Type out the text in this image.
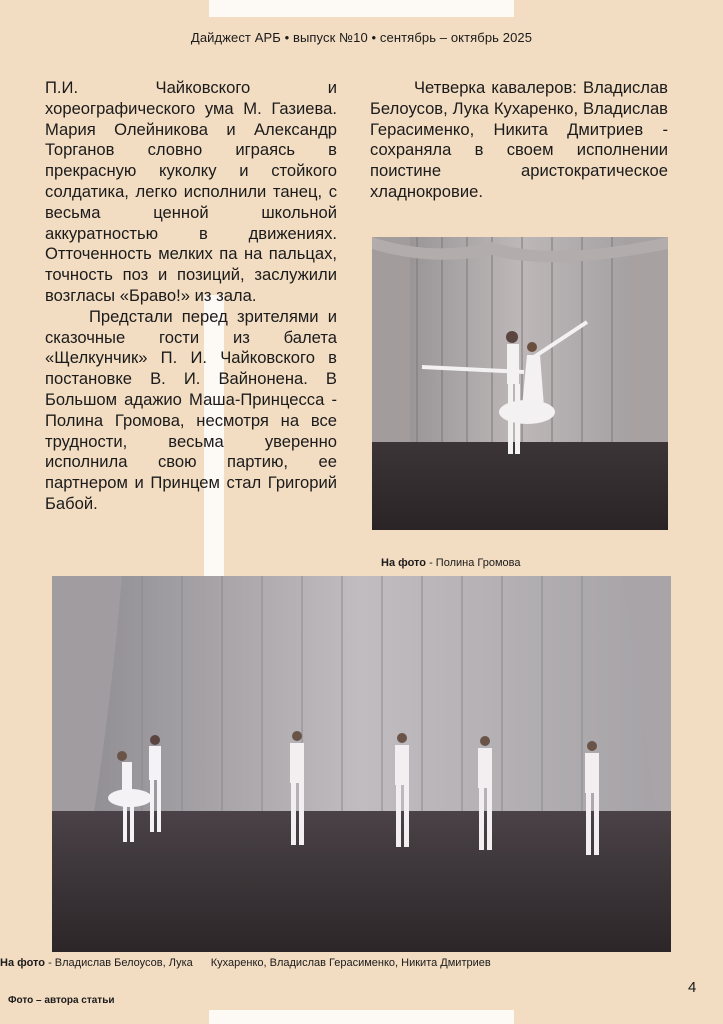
Дайджест АРБ • выпуск №10 • сентябрь – октябрь 2025

П.И. Чайковского и хореографического ума М. Газиева. Мария Олейникова и Александр Торганов словно играясь в прекрасную куколку и стойкого солдатика, легко исполнили танец, с весьма ценной школьной аккуратностью в движениях. Отточенность мелких па на пальцах, точность поз и позиций, заслужили возгласы «Браво!» из зала.

Предстали перед зрителями и сказочные гости из балета «Щелкунчик» П. И. Чайковского в постановке В. И. Вайнонена. В Большом адажио Маша-Принцесса - Полина Громова, несмотря на все трудности, весьма уверенно исполнила свою партию, ее партнером и Принцем стал Григорий Бабой.

Четверка кавалеров: Владислав Белоусов, Лука Кухаренко, Владислав Герасименко, Никита Дмитриев - сохраняла в своем исполнении поистине аристократическое хладнокровие.

На фото - Полина Громова
На фото - Владислав Белоусов, Лука Кухаренко, Владислав Герасименко, Никита Дмитриев
Фото – автора статьи
4
